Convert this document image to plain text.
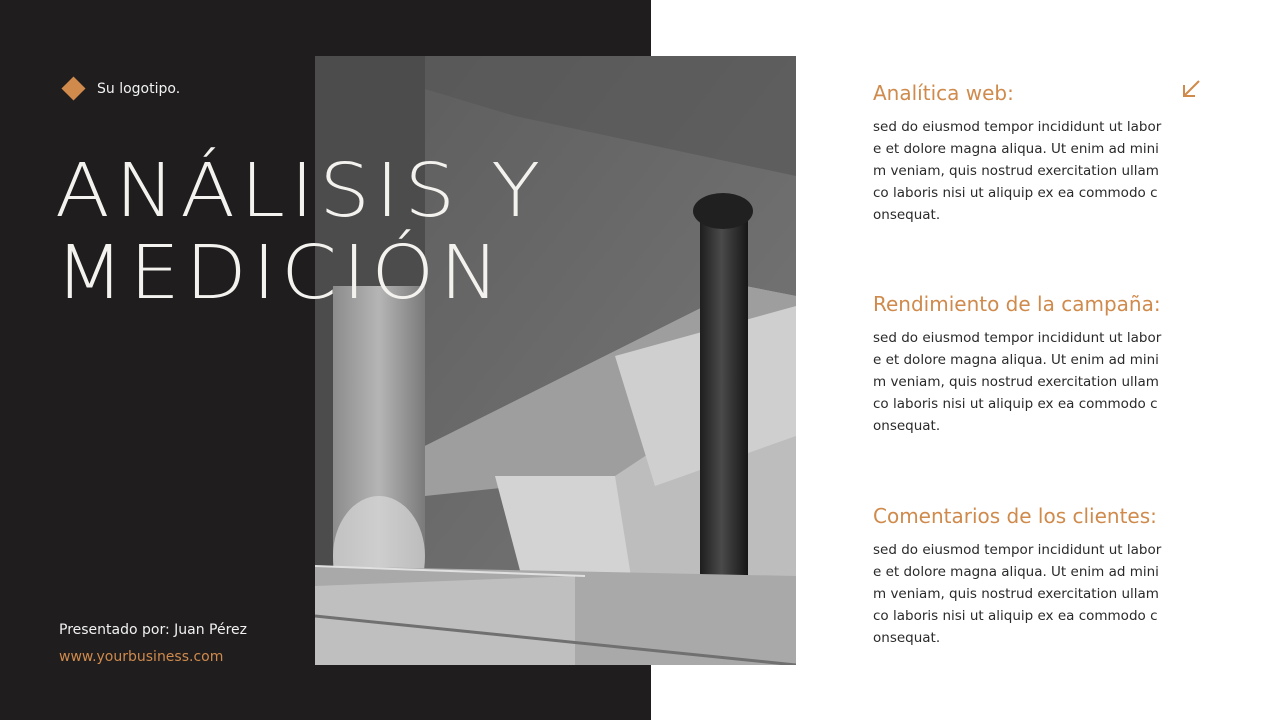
Su logotipo.
ANÁLISIS Y
MEDICIÓN
Presentado por: Juan Pérez
www.yourbusiness.com
Analítica web:

sed do eiusmod tempor incididunt ut labore et dolore magna aliqua. Ut enim ad minim veniam, quis nostrud exercitation ullamco laboris nisi ut aliquip ex ea commodo consequat.

Rendimiento de la campaña:

sed do eiusmod tempor incididunt ut labore et dolore magna aliqua. Ut enim ad minim veniam, quis nostrud exercitation ullamco laboris nisi ut aliquip ex ea commodo consequat.

Comentarios de los clientes:

sed do eiusmod tempor incididunt ut labore et dolore magna aliqua. Ut enim ad minim veniam, quis nostrud exercitation ullamco laboris nisi ut aliquip ex ea commodo consequat.
